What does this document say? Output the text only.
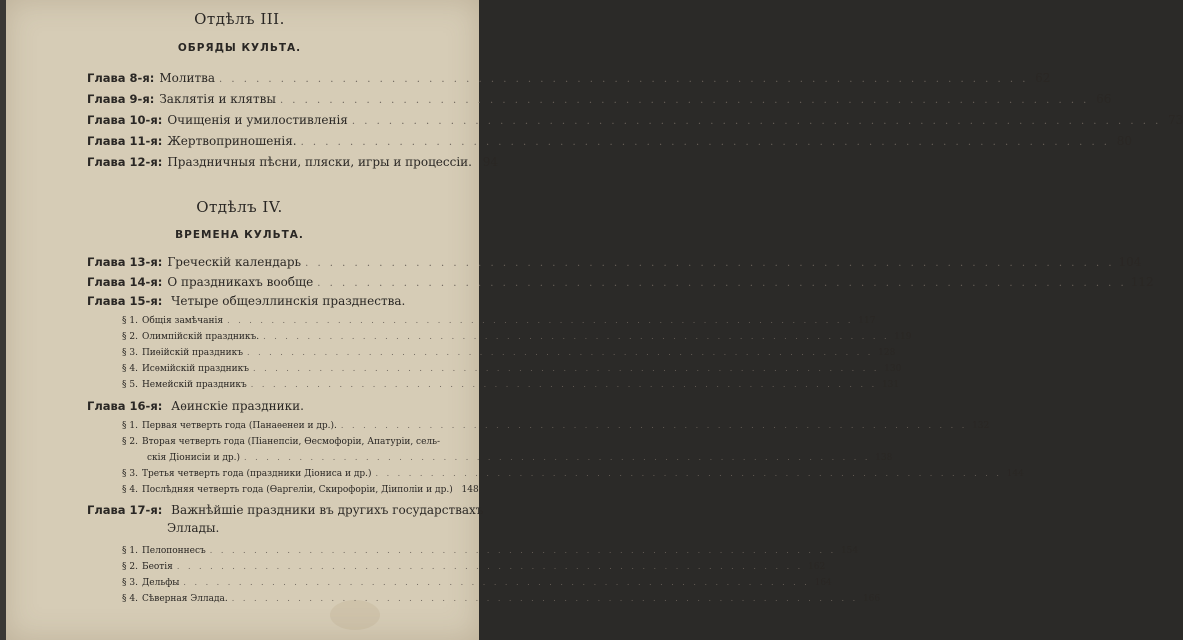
Отдѣлъ III.
ОБРЯДЫ КУЛЬТА.
Глава 8-я: Молитва . . .	62
Глава 9-я: Заклятія и клятвы . . .	66
Глава 10-я: Очищенія и умилостивленія . . .	73
Глава 11-я: Жертвоприношенія. . . .	80
Глава 12-я: Праздничныя пѣсни, пляски, игры и процессіи. 94
Отдѣлъ IV.
ВРЕМЕНА КУЛЬТА.
Глава 13-я: Греческій календарь . . .	104
Глава 14-я: О праздникахъ вообще . . .	112
Глава 15-я: Четыре общеэллинскія празднества.
§ 1. Общія замѣчанія . . .	117
§ 2. Олимпійскій праздникъ. . . .	119
§ 3. Пиѳійскій праздникъ . . .	128
§ 4. Исѳмійскій праздникъ . . .	130
§ 5. Немейскій праздникъ . . .	131
Глава 16-я: Аѳинскіе праздники.
§ 1. Первая четверть года (Панаѳенеи и др.). . . .	132
§ 2. Вторая четверть года (Піанепсіи, Ѳесмофоріи, Апатуріи, сель-
скія Діонисіи и др.) . . .	138
§ 3. Третья четверть года (праздники Діониса и др.) . . .	144
§ 4. Послѣдняя четверть года (Ѳаргеліи, Скирофоріи, Діиполіи и др.) 148
Глава 17-я: Важнѣйшіе праздники въ другихъ государствахъ
Эллады.
§ 1. Пелопоннесъ . . .	154
§ 2. Беотія . . .	162
§ 3. Дельфы . . .	164
§ 4. Сѣверная Эллада. . . .	166
